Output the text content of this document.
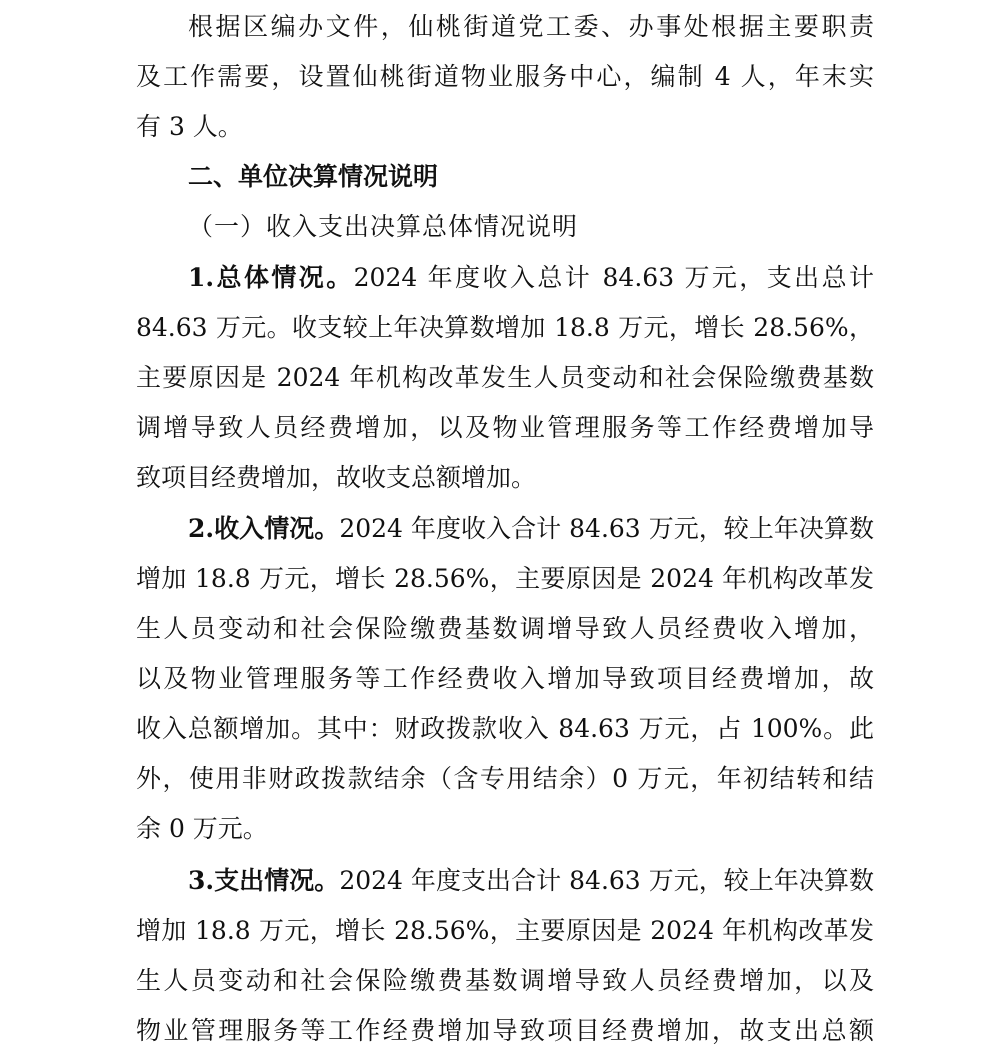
根据区编办文件，仙桃街道党工委、办事处根据主要职责
及工作需要，设置仙桃街道物业服务中心，编制 4 人，年末实
有 3 人。
二、单位决算情况说明
（一）收入支出决算总体情况说明
1.总体情况。2024 年度收入总计 84.63 万元，支出总计
84.63 万元。收支较上年决算数增加 18.8 万元，增长 28.56%，
主要原因是 2024 年机构改革发生人员变动和社会保险缴费基数
调增导致人员经费增加，以及物业管理服务等工作经费增加导
致项目经费增加，故收支总额增加。
2.收入情况。2024 年度收入合计 84.63 万元，较上年决算数
增加 18.8 万元，增长 28.56%，主要原因是 2024 年机构改革发
生人员变动和社会保险缴费基数调增导致人员经费收入增加，
以及物业管理服务等工作经费收入增加导致项目经费增加，故
收入总额增加。其中：财政拨款收入 84.63 万元，占 100%。此
外，使用非财政拨款结余（含专用结余）0 万元，年初结转和结
余 0 万元。
3.支出情况。2024 年度支出合计 84.63 万元，较上年决算数
增加 18.8 万元，增长 28.56%，主要原因是 2024 年机构改革发
生人员变动和社会保险缴费基数调增导致人员经费增加，以及
物业管理服务等工作经费增加导致项目经费增加，故支出总额
